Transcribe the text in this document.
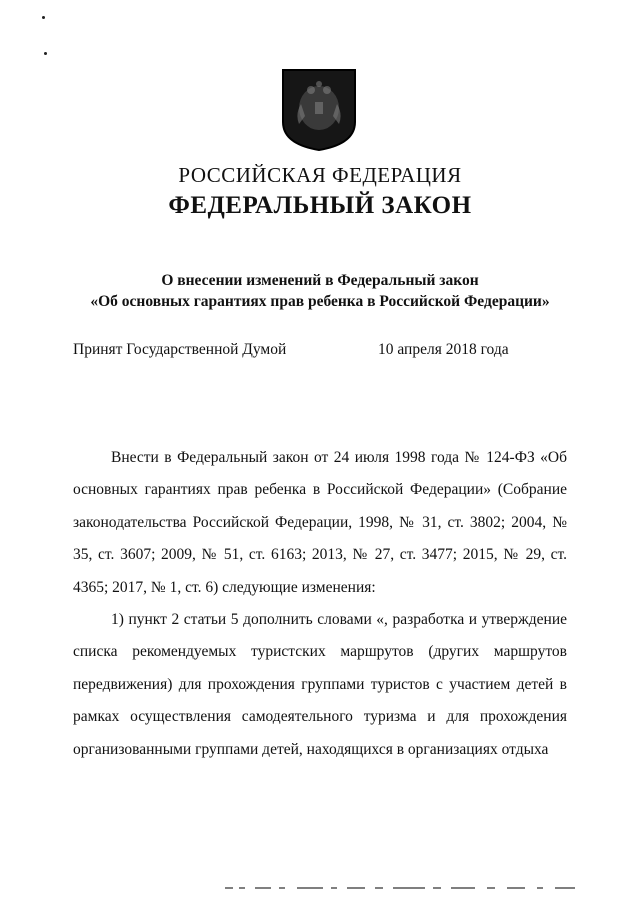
РОССИЙСКАЯ ФЕДЕРАЦИЯ
ФЕДЕРАЛЬНЫЙ ЗАКОН
О внесении изменений в Федеральный закон
«Об основных гарантиях прав ребенка в Российской Федерации»
Принят Государственной Думой	10 апреля 2018 года

Внести в Федеральный закон от 24 июля 1998 года № 124-ФЗ «Об основных гарантиях прав ребенка в Российской Федерации» (Собрание законодательства Российской Федерации, 1998, № 31, ст. 3802; 2004, № 35, ст. 3607; 2009, № 51, ст. 6163; 2013, № 27, ст. 3477; 2015, № 29, ст. 4365; 2017, № 1, ст. 6) следующие изменения:

1) пункт 2 статьи 5 дополнить словами «, разработка и утверждение списка рекомендуемых туристских маршрутов (других маршрутов передвижения) для прохождения группами туристов с участием детей в рамках осуществления самодеятельного туризма и для прохождения организованными группами детей, находящихся в организациях отдыха
